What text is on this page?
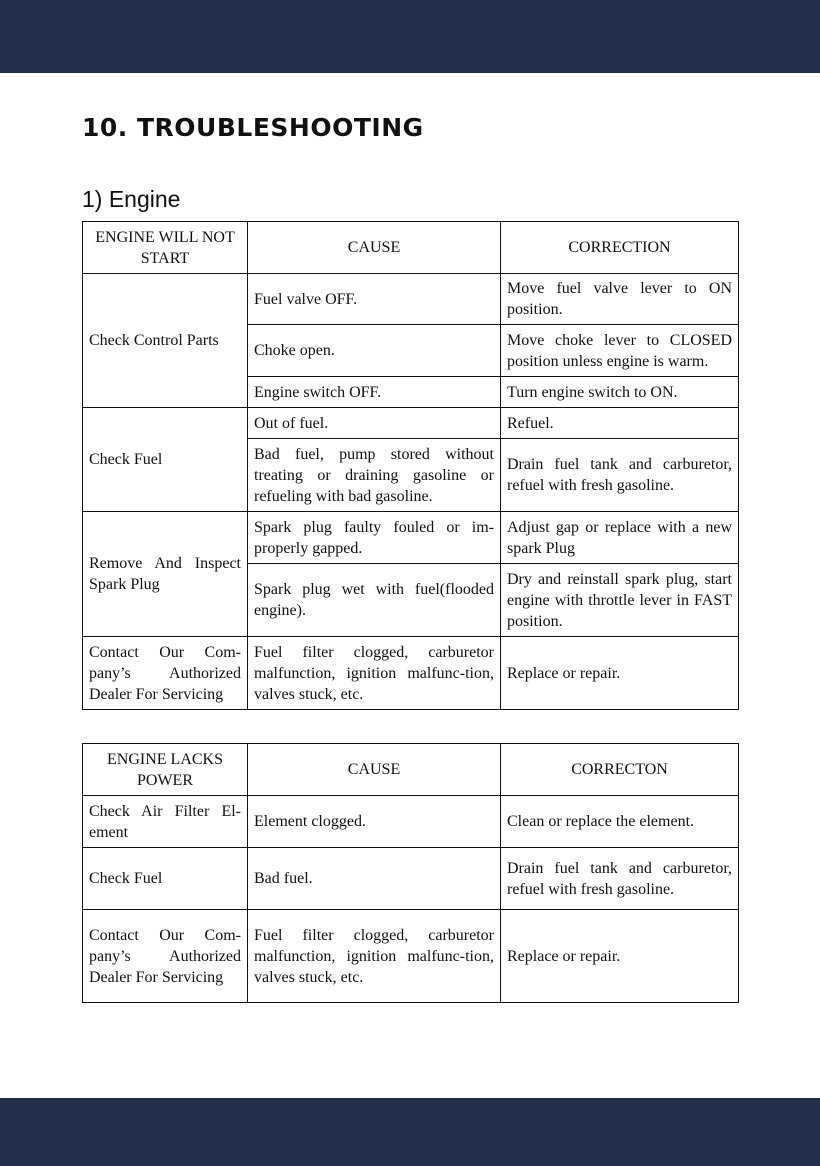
10. TROUBLESHOOTING
1) Engine
ENGINE WILL NOT START	CAUSE	CORRECTION
Check Control Parts	Fuel valve OFF.	Move fuel valve lever to ON position.
	Choke open.	Move choke lever to CLOSED position unless engine is warm.
	Engine switch OFF.	Turn engine switch to ON.
Check Fuel	Out of fuel.	Refuel.
	Bad fuel, pump stored without treating or draining gasoline or refueling with bad gasoline.	Drain fuel tank and carburetor, refuel with fresh gasoline.
Remove And Inspect Spark Plug	Spark plug faulty fouled or im-properly gapped.	Adjust gap or replace with a new spark Plug
	Spark plug wet with fuel(flooded engine).	Dry and reinstall spark plug, start engine with throttle lever in FAST position.
Contact Our Com-pany’s Authorized Dealer For Servicing	Fuel filter clogged, carburetor malfunction, ignition malfunc-tion, valves stuck, etc.	Replace or repair.
ENGINE LACKS POWER	CAUSE	CORRECTON
Check Air Filter El-ement	Element clogged.	Clean or replace the element.
Check Fuel	Bad fuel.	Drain fuel tank and carburetor, refuel with fresh gasoline.
Contact Our Com-pany’s Authorized Dealer For Servicing	Fuel filter clogged, carburetor malfunction, ignition malfunc-tion, valves stuck, etc.	Replace or repair.
